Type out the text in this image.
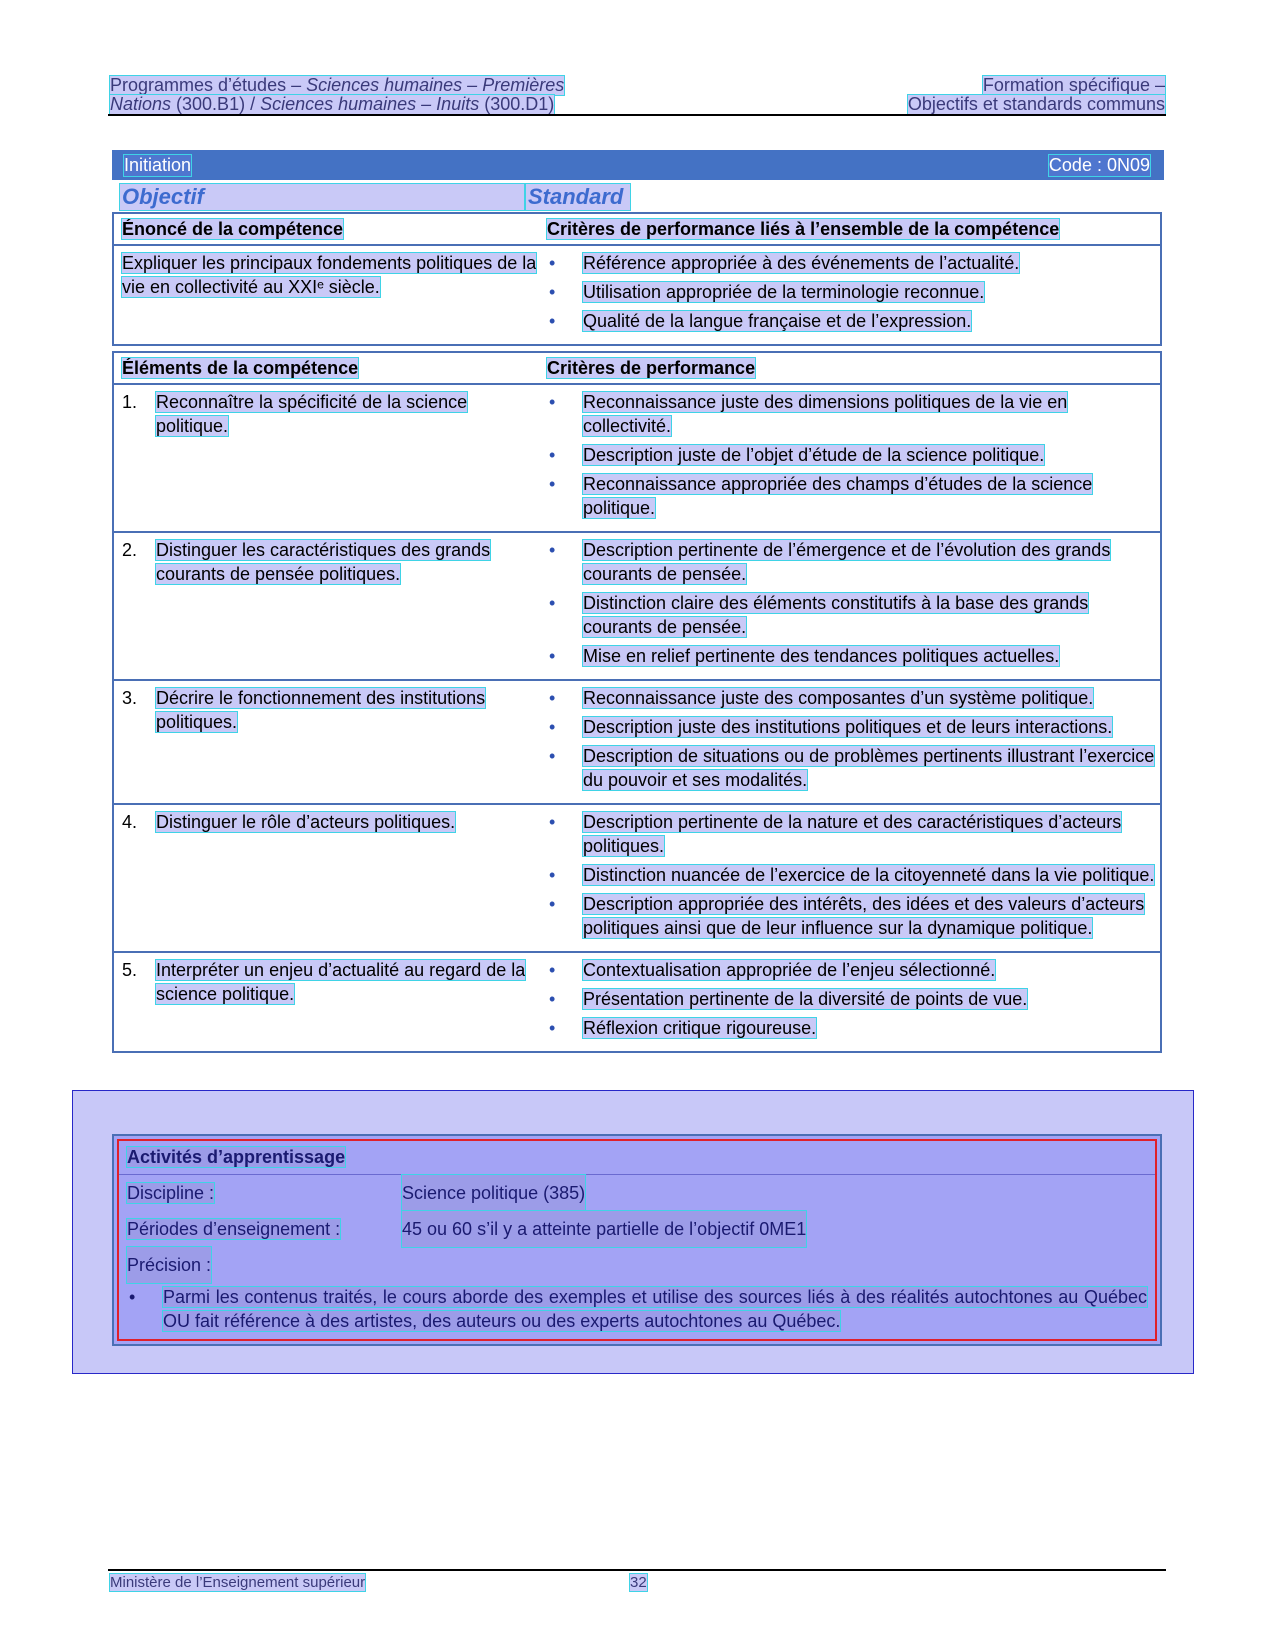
Programmes d’études – Sciences humaines – Premières	Formation spécifique –
Nations (300.B1) / Sciences humaines – Inuits (300.D1)	Objectifs et standards communs
Initiation	Code : 0N09
Objectif	Standard
Énoncé de la compétence	Critères de performance liés à l’ensemble de la compétence
Expliquer les principaux fondements politiques de la vie en collectivité au XXIᵉ siècle.
• Référence appropriée à des événements de l’actualité.
• Utilisation appropriée de la terminologie reconnue.
• Qualité de la langue française et de l’expression.
Éléments de la compétence	Critères de performance
1.	Reconnaître la spécificité de la science politique.
• Reconnaissance juste des dimensions politiques de la vie en collectivité.
• Description juste de l’objet d’étude de la science politique.
• Reconnaissance appropriée des champs d’études de la science politique.
2.	Distinguer les caractéristiques des grands courants de pensée politiques.
• Description pertinente de l’émergence et de l’évolution des grands courants de pensée.
• Distinction claire des éléments constitutifs à la base des grands courants de pensée.
• Mise en relief pertinente des tendances politiques actuelles.
3.	Décrire le fonctionnement des institutions politiques.
• Reconnaissance juste des composantes d’un système politique.
• Description juste des institutions politiques et de leurs interactions.
• Description de situations ou de problèmes pertinents illustrant l’exercice du pouvoir et ses modalités.
4.	Distinguer le rôle d’acteurs politiques.	• Description pertinente de la nature et des caractéristiques d’acteurs politiques.
• Distinction nuancée de l’exercice de la citoyenneté dans la vie politique.
• Description appropriée des intérêts, des idées et des valeurs d’acteurs politiques ainsi que de leur influence sur la dynamique politique.
5.	Interpréter un enjeu d’actualité au regard de la science politique.
• Contextualisation appropriée de l’enjeu sélectionné.
• Présentation pertinente de la diversité de points de vue.
• Réflexion critique rigoureuse.
Activités d’apprentissage
Discipline :	Science politique (385)
Périodes d’enseignement :	45 ou 60 s’il y a atteinte partielle de l’objectif 0ME1
Précision :
• Parmi les contenus traités, le cours aborde des exemples et utilise des sources liés à des réalités autochtones au Québec OU fait référence à des artistes, des auteurs ou des experts autochtones au Québec.
Ministère de l’Enseignement supérieur	32
